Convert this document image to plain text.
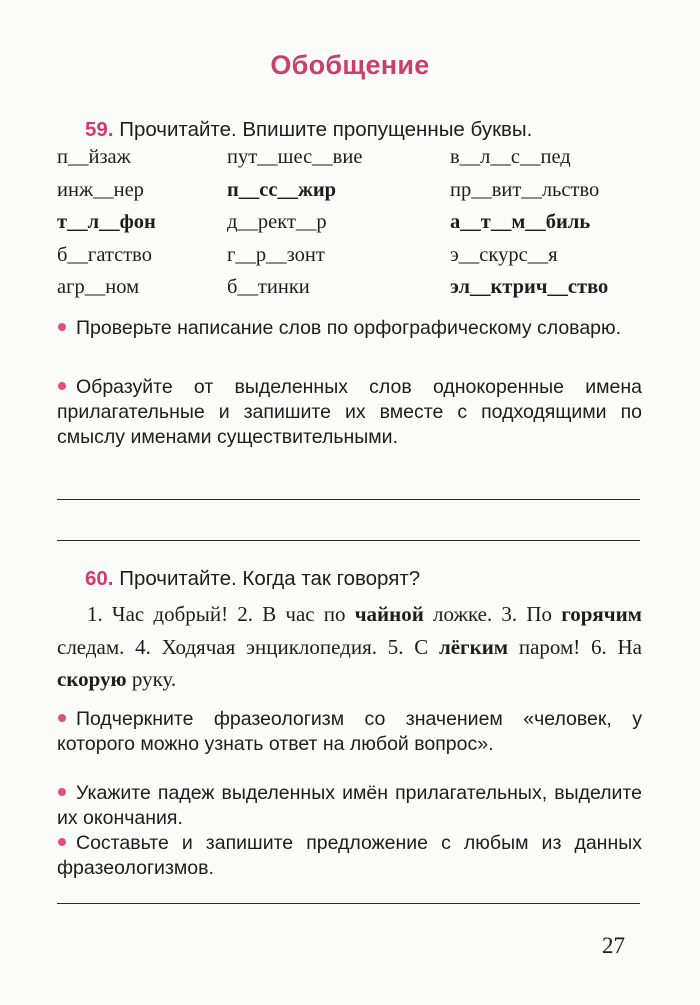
Обобщение
59. Прочитайте. Впишите пропущенные буквы.
п__йзаж	пут__шес__вие	в__л__с__пед
инж__нер	п__сс__жир	пр__вит__льство
т__л__фон	д__рект__р	а__т__м__биль
б__гатство	г__р__зонт	э__скурс__я
агр__ном	б__тинки	эл__ктрич__ство
Проверьте написание слов по орфографическому словарю.
Образуйте от выделенных слов однокоренные имена прилагательные и запишите их вместе с подходящими по смыслу именами существительными.
60. Прочитайте. Когда так говорят?
1. Час добрый! 2. В час по чайной ложке. 3. По горячим следам. 4. Ходячая энциклопедия. 5. С лёгким паром! 6. На скорую руку.
Подчеркните фразеологизм со значением «человек, у которого можно узнать ответ на любой вопрос».
Укажите падеж выделенных имён прилагательных, выделите их окончания.
Составьте и запишите предложение с любым из данных фразеологизмов.
27
